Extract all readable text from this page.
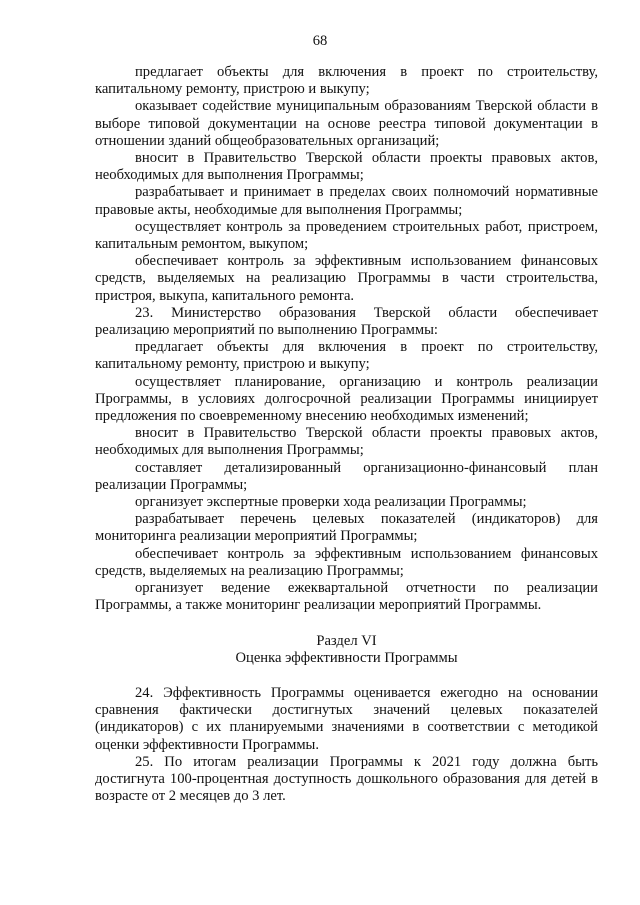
68

предлагает объекты для включения в проект по строительству, капитальному ремонту, пристрою и выкупу;

оказывает содействие муниципальным образованиям Тверской области в выборе типовой документации на основе реестра типовой документации в отношении зданий общеобразовательных организаций;

вносит в Правительство Тверской области проекты правовых актов, необходимых для выполнения Программы;

разрабатывает и принимает в пределах своих полномочий нормативные правовые акты, необходимые для выполнения Программы;

осуществляет контроль за проведением строительных работ, пристроем, капитальным ремонтом, выкупом;

обеспечивает контроль за эффективным использованием финансовых средств, выделяемых на реализацию Программы в части строительства, пристроя, выкупа, капитального ремонта.

23. Министерство образования Тверской области обеспечивает реализацию мероприятий по выполнению Программы:

предлагает объекты для включения в проект по строительству, капитальному ремонту, пристрою и выкупу;

осуществляет планирование, организацию и контроль реализации Программы, в условиях долгосрочной реализации Программы инициирует предложения по своевременному внесению необходимых изменений;

вносит в Правительство Тверской области проекты правовых актов, необходимых для выполнения Программы;

составляет детализированный организационно-финансовый план реализации Программы;

организует экспертные проверки хода реализации Программы;

разрабатывает перечень целевых показателей (индикаторов) для мониторинга реализации мероприятий Программы;

обеспечивает контроль за эффективным использованием финансовых средств, выделяемых на реализацию Программы;

организует ведение ежеквартальной отчетности по реализации Программы, а также мониторинг реализации мероприятий Программы.

Раздел VI

Оценка эффективности Программы

24. Эффективность Программы оценивается ежегодно на основании сравнения фактически достигнутых значений целевых показателей (индикаторов) с их планируемыми значениями в соответствии с методикой оценки эффективности Программы.

25. По итогам реализации Программы к 2021 году должна быть достигнута 100-процентная доступность дошкольного образования для детей в возрасте от 2 месяцев до 3 лет.
